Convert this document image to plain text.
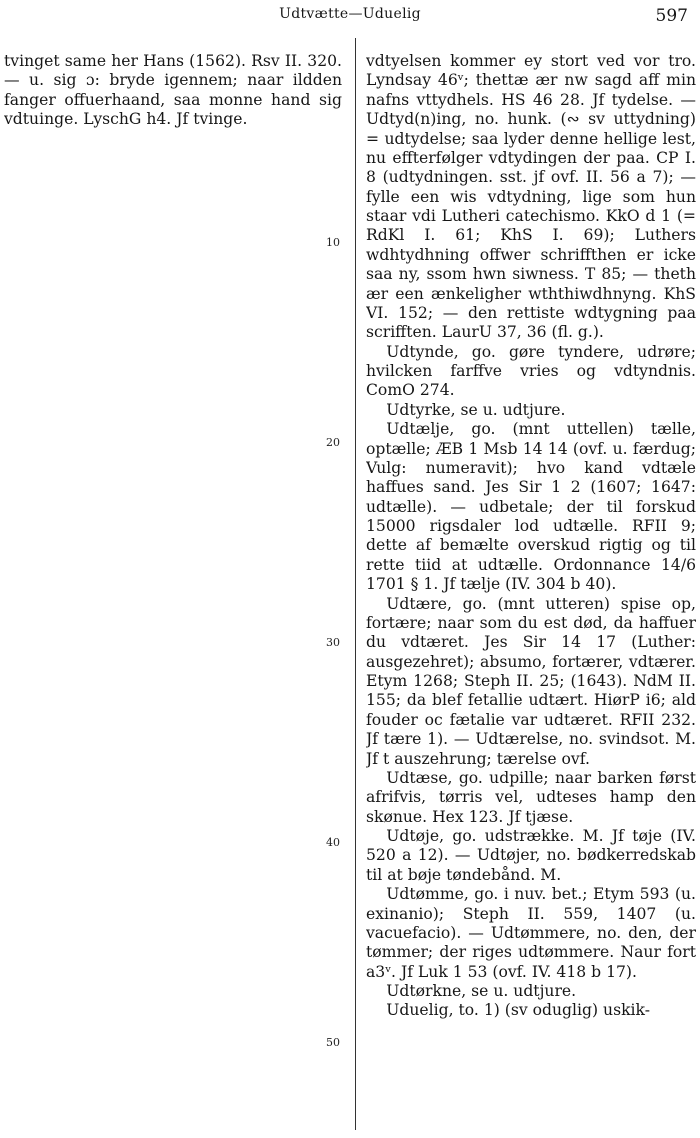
Udtvætte—Uduelig	597

tvinget same her Hans (1562). Rsv II. 320. — u. sig ɔ: bryde igennem; naar ildden fanger offuerhaand, saa monne hand sig vdtuinge. LyschG h4. Jf tvinge.

10
20
30
40
50

vdtyelsen kommer ey stort ved vor tro. Lyndsay 46ᵛ; thettæ ær nw sagd aff min nafns vttydhels. HS 46 28. Jf tydelse. — Udtyd(n)ing, no. hunk. (∾ sv uttydning) = udtydelse; saa lyder denne hellige lest, nu effterfølger vdtydingen der paa. CP I. 8 (udtydningen. sst. jf ovf. II. 56 a 7); — fylle een wis vdtydning, lige som hun staar vdi Lutheri catechismo. KkO d 1 (= RdKl I. 61; KhS I. 69); Luthers wdhtydhning offwer schriffthen er icke saa ny, ssom hwn siwness. T 85; — theth ær een ænkeligher wththiwdhnyng. KhS VI. 152; — den rettiste wdtygning paa scrifften. LaurU 37, 36 (fl. g.).

Udtynde, go. gøre tyndere, udrøre; hvilcken farffve vries og vdtyndnis. ComO 274.

Udtyrke, se u. udtjure.

Udtælje, go. (mnt uttellen) tælle, optælle; ÆB 1 Msb 14 14 (ovf. u. færdug; Vulg: numeravit); hvo kand vdtæle haffues sand. Jes Sir 1 2 (1607; 1647: udtælle). — udbetale; der til forskud 15000 rigsdaler lod udtælle. RFII 9; dette af bemælte overskud rigtig og til rette tiid at udtælle. Ordonnance 14/6 1701 § 1. Jf tælje (IV. 304 b 40).

Udtære, go. (mnt utteren) spise op, fortære; naar som du est død, da haffuer du vdtæret. Jes Sir 14 17 (Luther: ausgezehret); absumo, fortærer, vdtærer. Etym 1268; Steph II. 25; (1643). NdM II. 155; da blef fetallie udtært. HiørP i6; ald fouder oc fætalie var udtæret. RFII 232. Jf tære 1). — Udtærelse, no. svindsot. M. Jf t auszehrung; tærelse ovf.

Udtæse, go. udpille; naar barken først afrifvis, tørris vel, udteses hamp den skønue. Hex 123. Jf tjæse.

Udtøje, go. udstrække. M. Jf tøje (IV. 520 a 12). — Udtøjer, no. bødkerredskab til at bøje tøndebånd. M.

Udtømme, go. i nuv. bet.; Etym 593 (u. exinanio); Steph II. 559, 1407 (u. vacuefacio). — Udtømmere, no. den, der tømmer; der riges udtømmere. Naur fort a3ᵛ. Jf Luk 1 53 (ovf. IV. 418 b 17).

Udtørkne, se u. udtjure.

Uduelig, to. 1) (sv oduglig) uskik-
